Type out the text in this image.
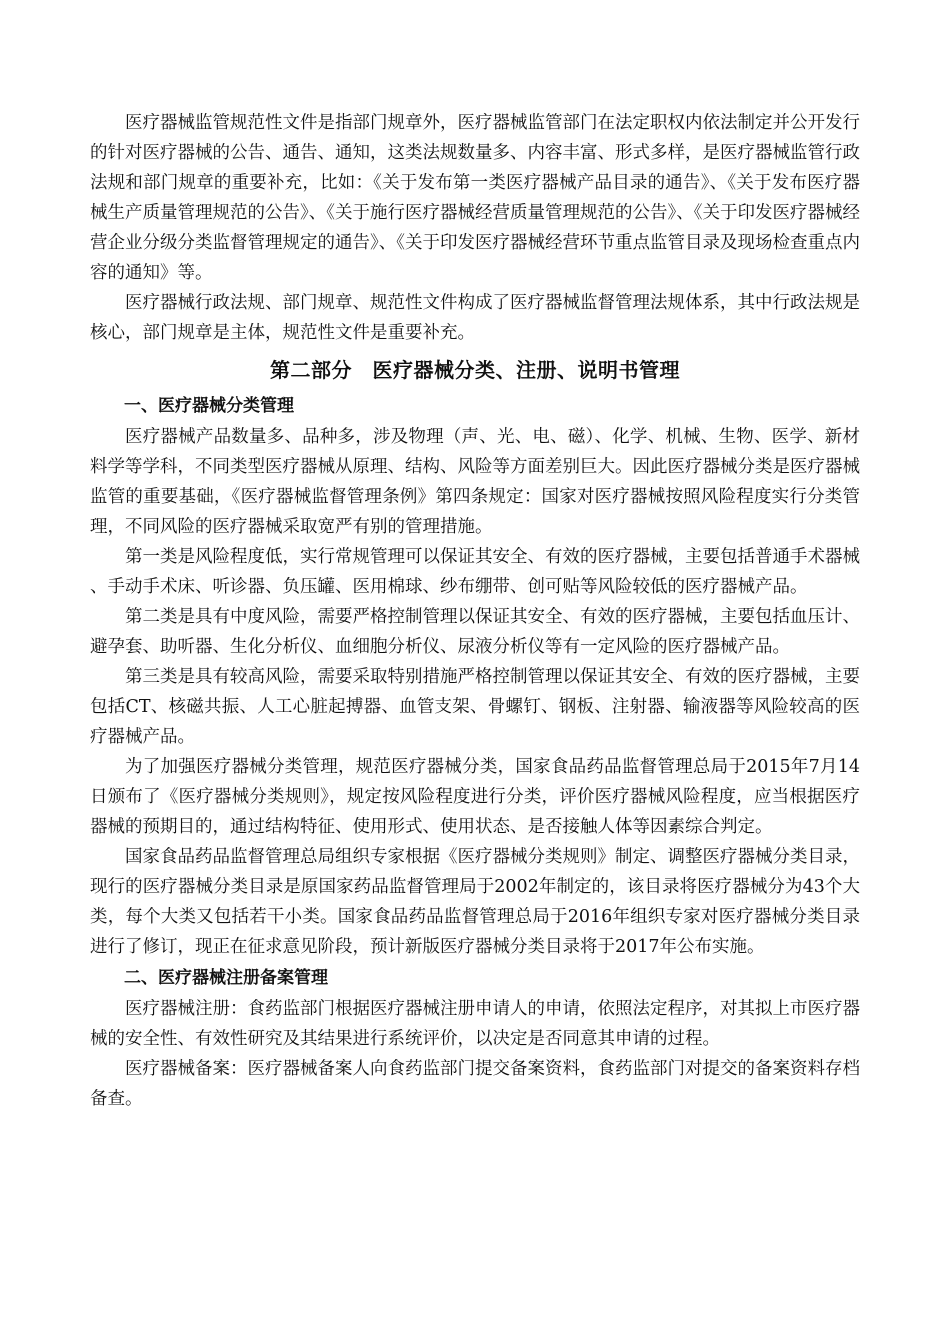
医疗器械监管规范性文件是指部门规章外，医疗器械监管部门在法定职权内依法制定并公开发行的针对医疗器械的公告、通告、通知，这类法规数量多、内容丰富、形式多样，是医疗器械监管行政法规和部门规章的重要补充，比如：《关于发布第一类医疗器械产品目录的通告》、《关于发布医疗器械生产质量管理规范的公告》、《关于施行医疗器械经营质量管理规范的公告》、《关于印发医疗器械经营企业分级分类监督管理规定的通告》、《关于印发医疗器械经营环节重点监管目录及现场检查重点内容的通知》等。

医疗器械行政法规、部门规章、规范性文件构成了医疗器械监督管理法规体系，其中行政法规是核心，部门规章是主体，规范性文件是重要补充。

第二部分　医疗器械分类、注册、说明书管理
一、医疗器械分类管理

医疗器械产品数量多、品种多，涉及物理（声、光、电、磁）、化学、机械、生物、医学、新材料学等学科，不同类型医疗器械从原理、结构、风险等方面差别巨大。因此医疗器械分类是医疗器械监管的重要基础，《医疗器械监督管理条例》第四条规定：国家对医疗器械按照风险程度实行分类管理，不同风险的医疗器械采取宽严有别的管理措施。

第一类是风险程度低，实行常规管理可以保证其安全、有效的医疗器械，主要包括普通手术器械、手动手术床、听诊器、负压罐、医用棉球、纱布绷带、创可贴等风险较低的医疗器械产品。

第二类是具有中度风险，需要严格控制管理以保证其安全、有效的医疗器械，主要包括血压计、避孕套、助听器、生化分析仪、血细胞分析仪、尿液分析仪等有一定风险的医疗器械产品。

第三类是具有较高风险，需要采取特别措施严格控制管理以保证其安全、有效的医疗器械，主要包括CT、核磁共振、人工心脏起搏器、血管支架、骨螺钉、钢板、注射器、输液器等风险较高的医疗器械产品。

为了加强医疗器械分类管理，规范医疗器械分类，国家食品药品监督管理总局于2015年7月14日颁布了《医疗器械分类规则》，规定按风险程度进行分类，评价医疗器械风险程度，应当根据医疗器械的预期目的，通过结构特征、使用形式、使用状态、是否接触人体等因素综合判定。

国家食品药品监督管理总局组织专家根据《医疗器械分类规则》制定、调整医疗器械分类目录， 现行的医疗器械分类目录是原国家药品监督管理局于2002年制定的，该目录将医疗器械分为43个大类，每个大类又包括若干小类。国家食品药品监督管理总局于2016年组织专家对医疗器械分类目录进行了修订，现正在征求意见阶段，预计新版医疗器械分类目录将于2017年公布实施。

二、医疗器械注册备案管理

医疗器械注册：食药监部门根据医疗器械注册申请人的申请，依照法定程序，对其拟上市医疗器械的安全性、有效性研究及其结果进行系统评价，以决定是否同意其申请的过程。

医疗器械备案：医疗器械备案人向食药监部门提交备案资料，食药监部门对提交的备案资料存档备查。
